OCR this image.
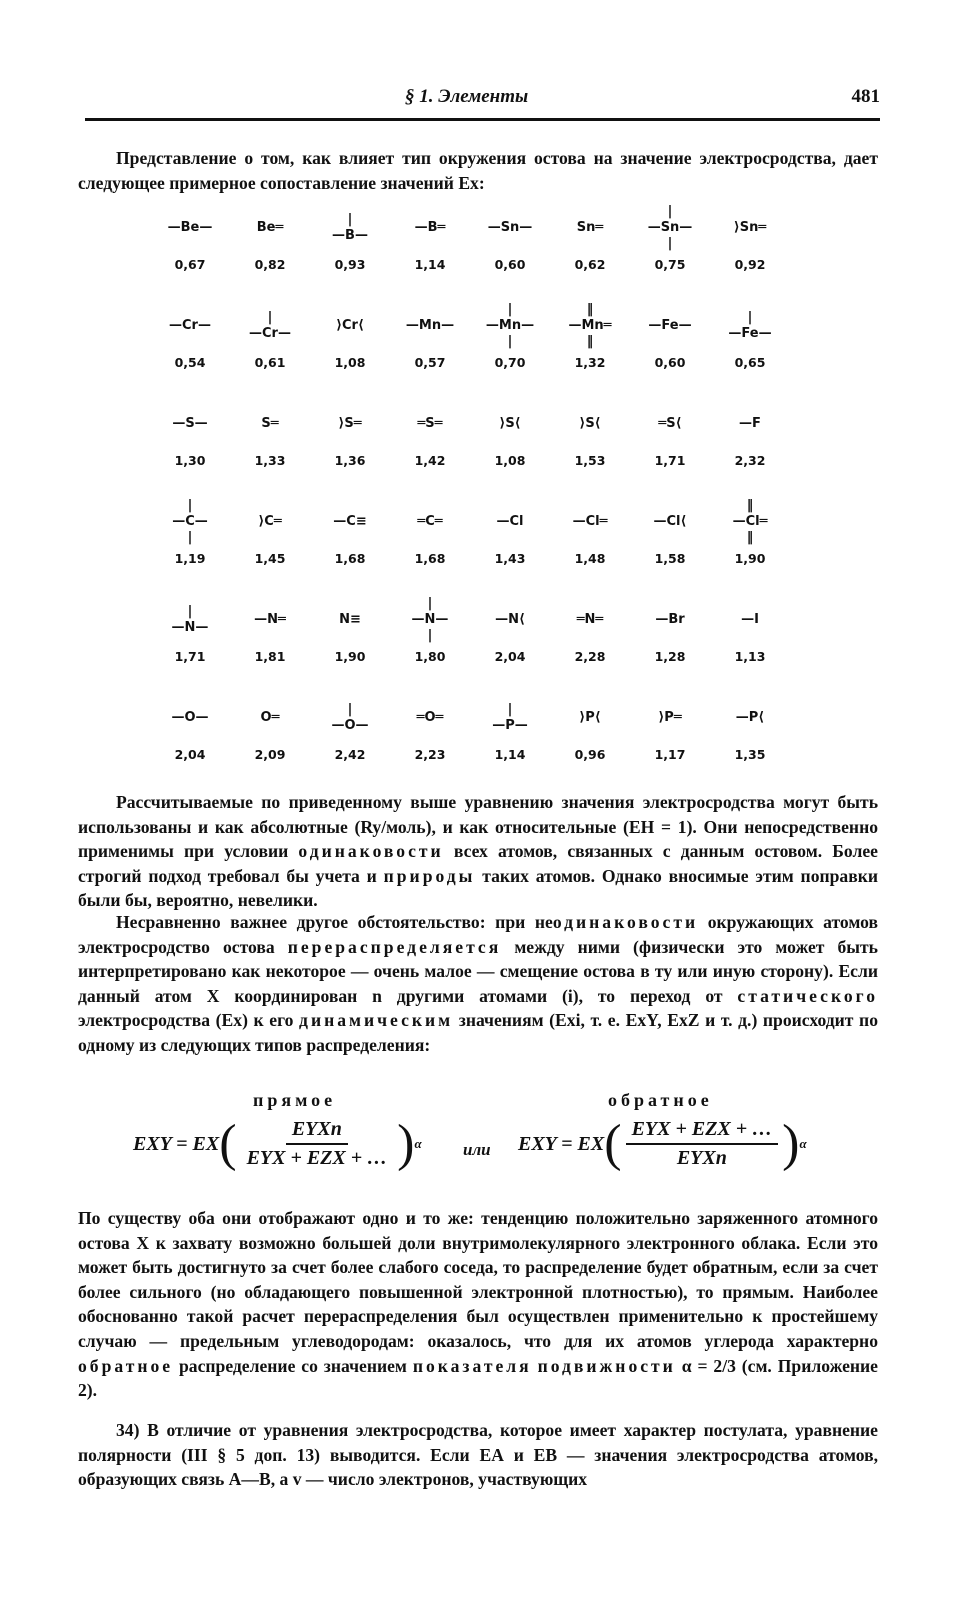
§ 1. Элементы	481
Представление о том, как влияет тип окружения остова на значение электросродства, дает следующее примерное сопоставление значений Eх:
—Be—
0,67
Be═
0,82
|
—B—
0,93
—B═
1,14
—Sn—
0,60
Sn═
0,62
|
—Sn—
|
0,75
⟩Sn═
0,92
—Cr—
0,54
|
—Cr—
0,61
⟩Cr⟨
1,08
—Mn—
0,57
|
—Mn—
|
0,70
‖
—Mn═
‖
1,32
—Fe—
0,60
|
—Fe—
0,65
—S—
1,30
S═
1,33
⟩S═
1,36
═S═
1,42
⟩S⟨
1,08
⟩S⟨
1,53
═S⟨
1,71
—F
2,32
|
—C—
|
1,19
⟩C═
1,45
—C≡
1,68
═C═
1,68
—Cl
1,43
—Cl═
1,48
—Cl⟨
1,58
‖
—Cl═
‖
1,90
|
—N—
1,71
—N═
1,81
N≡
1,90
|
—N—
|
1,80
—N⟨
2,04
═N═
2,28
—Br
1,28
—I
1,13
—O—
2,04
O═
2,09
|
—O—
2,42
═O═
2,23
|
—P—
1,14
⟩P⟨
0,96
⟩P═
1,17
—P⟨
1,35
Рассчитываемые по приведенному выше уравнению значения электросродства могут быть использованы и как абсолютные (Ry/моль), и как относительные (EН = 1). Они непосредственно применимы при условии одинаковости всех атомов, связанных с данным остовом. Более строгий подход требовал бы учета и природы таких атомов. Однако вносимые этим поправки были бы, вероятно, невелики.
Несравненно важнее другое обстоятельство: при неодинаковости окружающих атомов электросродство остова перераспределяется между ними (физически это может быть интерпретировано как некоторое — очень малое — смещение остова в ту или иную сторону). Если данный атом X координирован n другими атомами (i), то переход от статического электросродства (Eх) к его динамическим значениям (Eхi, т. е. EхY, EхZ и т. д.) происходит по одному из следующих типов распределения:
прямое	обратное
EXY = EX ( $\frac{\text{EYXn}}{\text{EYX + EZX + …}}$ ) α или EXY = EX ( $\frac{\text{EYX + EZX + …}}{\text{EYXn}}$ ) α
По существу оба они отображают одно и то же: тенденцию положительно заряженного атомного остова X к захвату возможно большей доли внутримолекулярного электронного облака. Если это может быть достигнуто за счет более слабого соседа, то распределение будет обратным, если за счет более сильного (но обладающего повышенной электронной плотностью), то прямым. Наиболее обоснованно такой расчет перераспределения был осуществлен применительно к простейшему случаю — предельным углеводородам: оказалось, что для их атомов углерода характерно обратное распределение со значением показателя подвижности α = 2/3 (см. Приложение 2).
34) В отличие от уравнения электросродства, которое имеет характер постулата, уравнение полярности (III § 5 доп. 13) выводится. Если EА и EВ — значения электросродства атомов, образующих связь А—В, а v — число электронов, участвующих
